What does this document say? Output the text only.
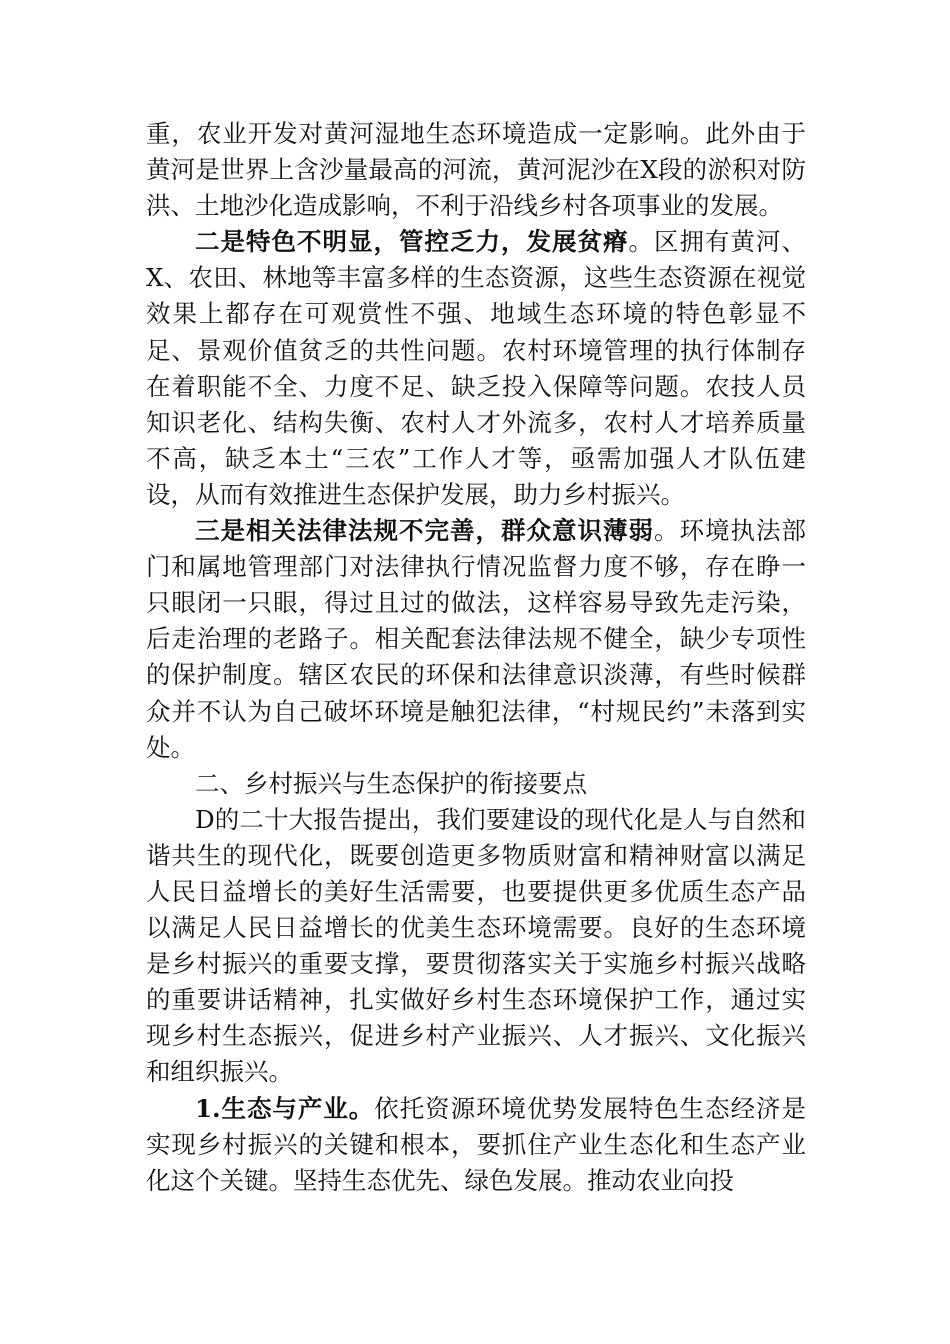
重，农业开发对黄河湿地生态环境造成一定影响。此外由于黄河是世界上含沙量最高的河流，黄河泥沙在X段的淤积对防洪、土地沙化造成影响，不利于沿线乡村各项事业的发展。

二是特色不明显，管控乏力，发展贫瘠。区拥有黄河、X、农田、林地等丰富多样的生态资源，这些生态资源在视觉效果上都存在可观赏性不强、地域生态环境的特色彰显不足、景观价值贫乏的共性问题。农村环境管理的执行体制存在着职能不全、力度不足、缺乏投入保障等问题。农技人员知识老化、结构失衡、农村人才外流多，农村人才培养质量不高，缺乏本土“三农”工作人才等，亟需加强人才队伍建设，从而有效推进生态保护发展，助力乡村振兴。

三是相关法律法规不完善，群众意识薄弱。环境执法部门和属地管理部门对法律执行情况监督力度不够，存在睁一只眼闭一只眼，得过且过的做法，这样容易导致先走污染，后走治理的老路子。相关配套法律法规不健全，缺少专项性的保护制度。辖区农民的环保和法律意识淡薄，有些时候群众并不认为自己破坏环境是触犯法律，“村规民约”未落到实处。

二、乡村振兴与生态保护的衔接要点

D的二十大报告提出，我们要建设的现代化是人与自然和谐共生的现代化，既要创造更多物质财富和精神财富以满足人民日益增长的美好生活需要，也要提供更多优质生态产品以满足人民日益增长的优美生态环境需要。良好的生态环境是乡村振兴的重要支撑，要贯彻落实关于实施乡村振兴战略的重要讲话精神，扎实做好乡村生态环境保护工作，通过实现乡村生态振兴，促进乡村产业振兴、人才振兴、文化振兴和组织振兴。

1.生态与产业。依托资源环境优势发展特色生态经济是实现乡村振兴的关键和根本，要抓住产业生态化和生态产业化这个关键。坚持生态优先、绿色发展。推动农业向投
